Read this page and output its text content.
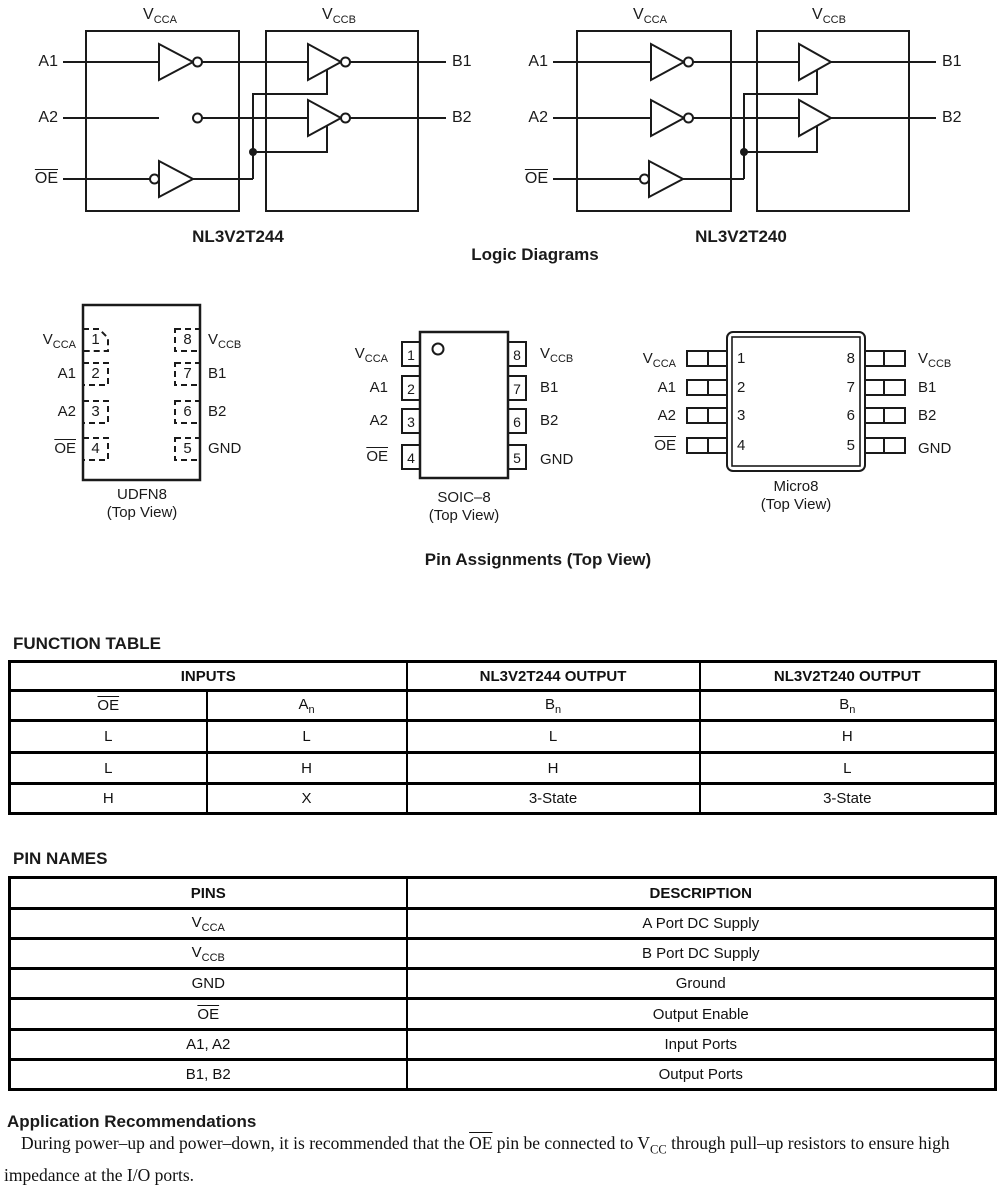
$V_{CCA}$	$V_{CCB}$
A1
A2
$\overline{OE}$
B1
B2
NL3V2T244
$V_{CCA}$	$V_{CCB}$
A1
A2
$\overline{OE}$
B1
B2
NL3V2T240
Logic Diagrams
$V_{CCA}$
A1
A2
$\overline{OE}$
1
2
3
4
8
7
6
5
$V_{CCB}$
B1
B2
GND
UDFN8
(Top View)
$V_{CCA}$
A1
A2
$\overline{OE}$
1
2
3
4
8
7
6
5
$V_{CCB}$
B1
B2
GND
SOIC–8
(Top View)
$V_{CCA}$
A1
A2
$\overline{OE}$
1
2
3
4
8
7
6
5
$V_{CCB}$
B1
B2
GND
Micro8
(Top View)
Pin Assignments (Top View)
FUNCTION TABLE
INPUTS		NL3V2T244 OUTPUT	NL3V2T240 OUTPUT
$\overline{OE}$	$A_n$	$B_n$	$B_n$
L	L	L	H
L	H	H	L
H	X	3-State	3-State
PIN NAMES
PINS	DESCRIPTION
$V_{CCA}$	A Port DC Supply
$V_{CCB}$	B Port DC Supply
GND	Ground
$\overline{OE}$	Output Enable
A1, A2	Input Ports
B1, B2	Output Ports
Application Recommendations
During power–up and power–down, it is recommended that the $\overline{OE}$ pin be connected to $V_{CC}$ through pull–up resistors to ensure high impedance at the I/O ports.
